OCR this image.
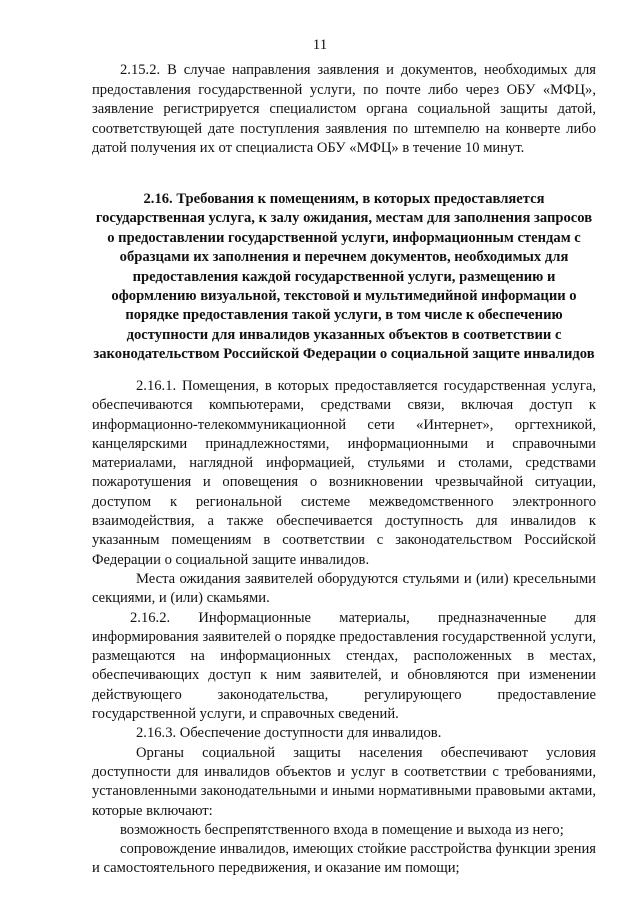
11
2.15.2. В случае направления заявления и документов, необходимых для предоставления государственной услуги, по почте либо через ОБУ «МФЦ», заявление регистрируется специалистом органа социальной защиты датой, соответствующей дате поступления заявления по штемпелю на конверте либо датой получения их от специалиста ОБУ «МФЦ» в течение 10 минут.

2.16. Требования к помещениям, в которых предоставляется государственная услуга, к залу ожидания, местам для заполнения запросов о предоставлении государственной услуги, информационным стендам с образцами их заполнения и перечнем документов, необходимых для предоставления каждой государственной услуги, размещению и оформлению визуальной, текстовой и мультимедийной информации о порядке предоставления такой услуги, в том числе к обеспечению доступности для инвалидов указанных объектов в соответствии с законодательством Российской Федерации о социальной защите инвалидов

2.16.1. Помещения, в которых предоставляется государственная услуга, обеспечиваются компьютерами, средствами связи, включая доступ к информационно-телекоммуникационной сети «Интернет», оргтехникой, канцелярскими принадлежностями, информационными и справочными материалами, наглядной информацией, стульями и столами, средствами пожаротушения и оповещения о возникновении чрезвычайной ситуации, доступом к региональной системе межведомственного электронного взаимодействия, а также обеспечивается доступность для инвалидов к указанным помещениям в соответствии с законодательством Российской Федерации о социальной защите инвалидов.

Места ожидания заявителей оборудуются стульями и (или) кресельными секциями, и (или) скамьями.

2.16.2. Информационные материалы, предназначенные для информирования заявителей о порядке предоставления государственной услуги, размещаются на информационных стендах, расположенных в местах, обеспечивающих доступ к ним заявителей, и обновляются при изменении действующего законодательства, регулирующего предоставление государственной услуги, и справочных сведений.

2.16.3. Обеспечение доступности для инвалидов.

Органы социальной защиты населения обеспечивают условия доступности для инвалидов объектов и услуг в соответствии с требованиями, установленными законодательными и иными нормативными правовыми актами, которые включают:

возможность беспрепятственного входа в помещение и выхода из него;

сопровождение инвалидов, имеющих стойкие расстройства функции зрения и самостоятельного передвижения, и оказание им помощи;
